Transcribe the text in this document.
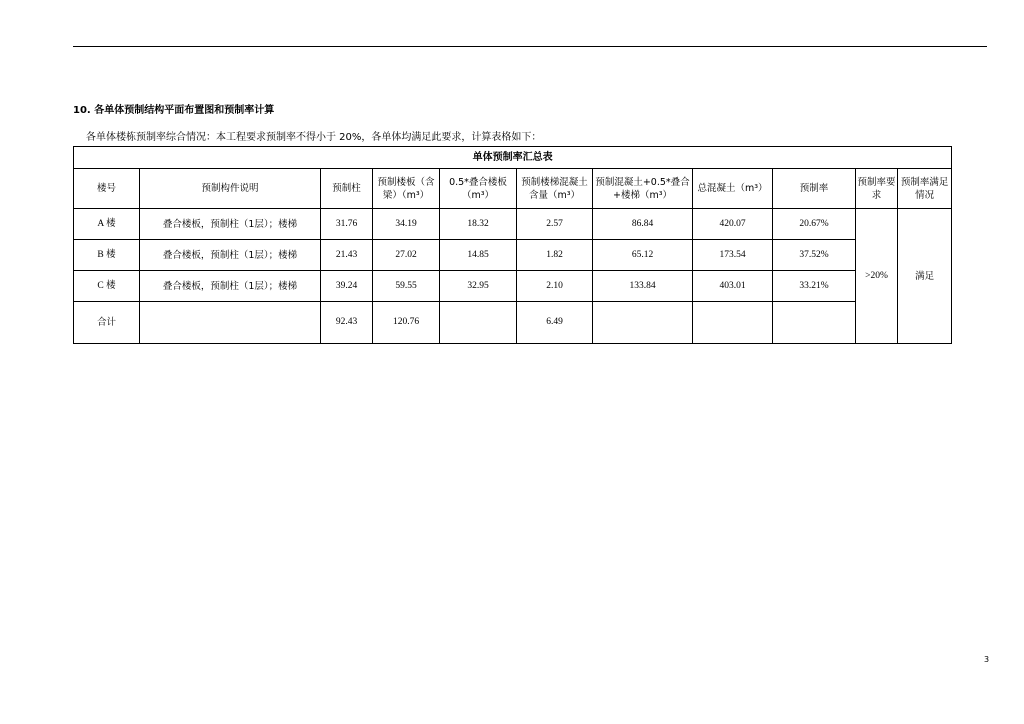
10. 各单体预制结构平面布置图和预制率计算
各单体楼栋预制率综合情况：本工程要求预制率不得小于 20%，各单体均满足此要求，计算表格如下：
单体预制率汇总表										
楼号	预制构件说明	预制柱	预制楼板（含梁）（m³）	0.5*叠合楼板（m³）	预制楼梯混凝土含量（m³）	预制混凝土+0.5*叠合+楼梯（m³）	总混凝土（m³）	预制率	预制率要求	预制率满足情况
A 楼	叠合楼板，预制柱（1层）；楼梯	31.76	34.19	18.32	2.57	86.84	420.07	20.67%	>20%	满足
B 楼	叠合楼板，预制柱（1层）；楼梯	21.43	27.02	14.85	1.82	65.12	173.54	37.52%		
C 楼	叠合楼板，预制柱（1层）；楼梯	39.24	59.55	32.95	2.10	133.84	403.01	33.21%		
合计		92.43	120.76		6.49					
3
